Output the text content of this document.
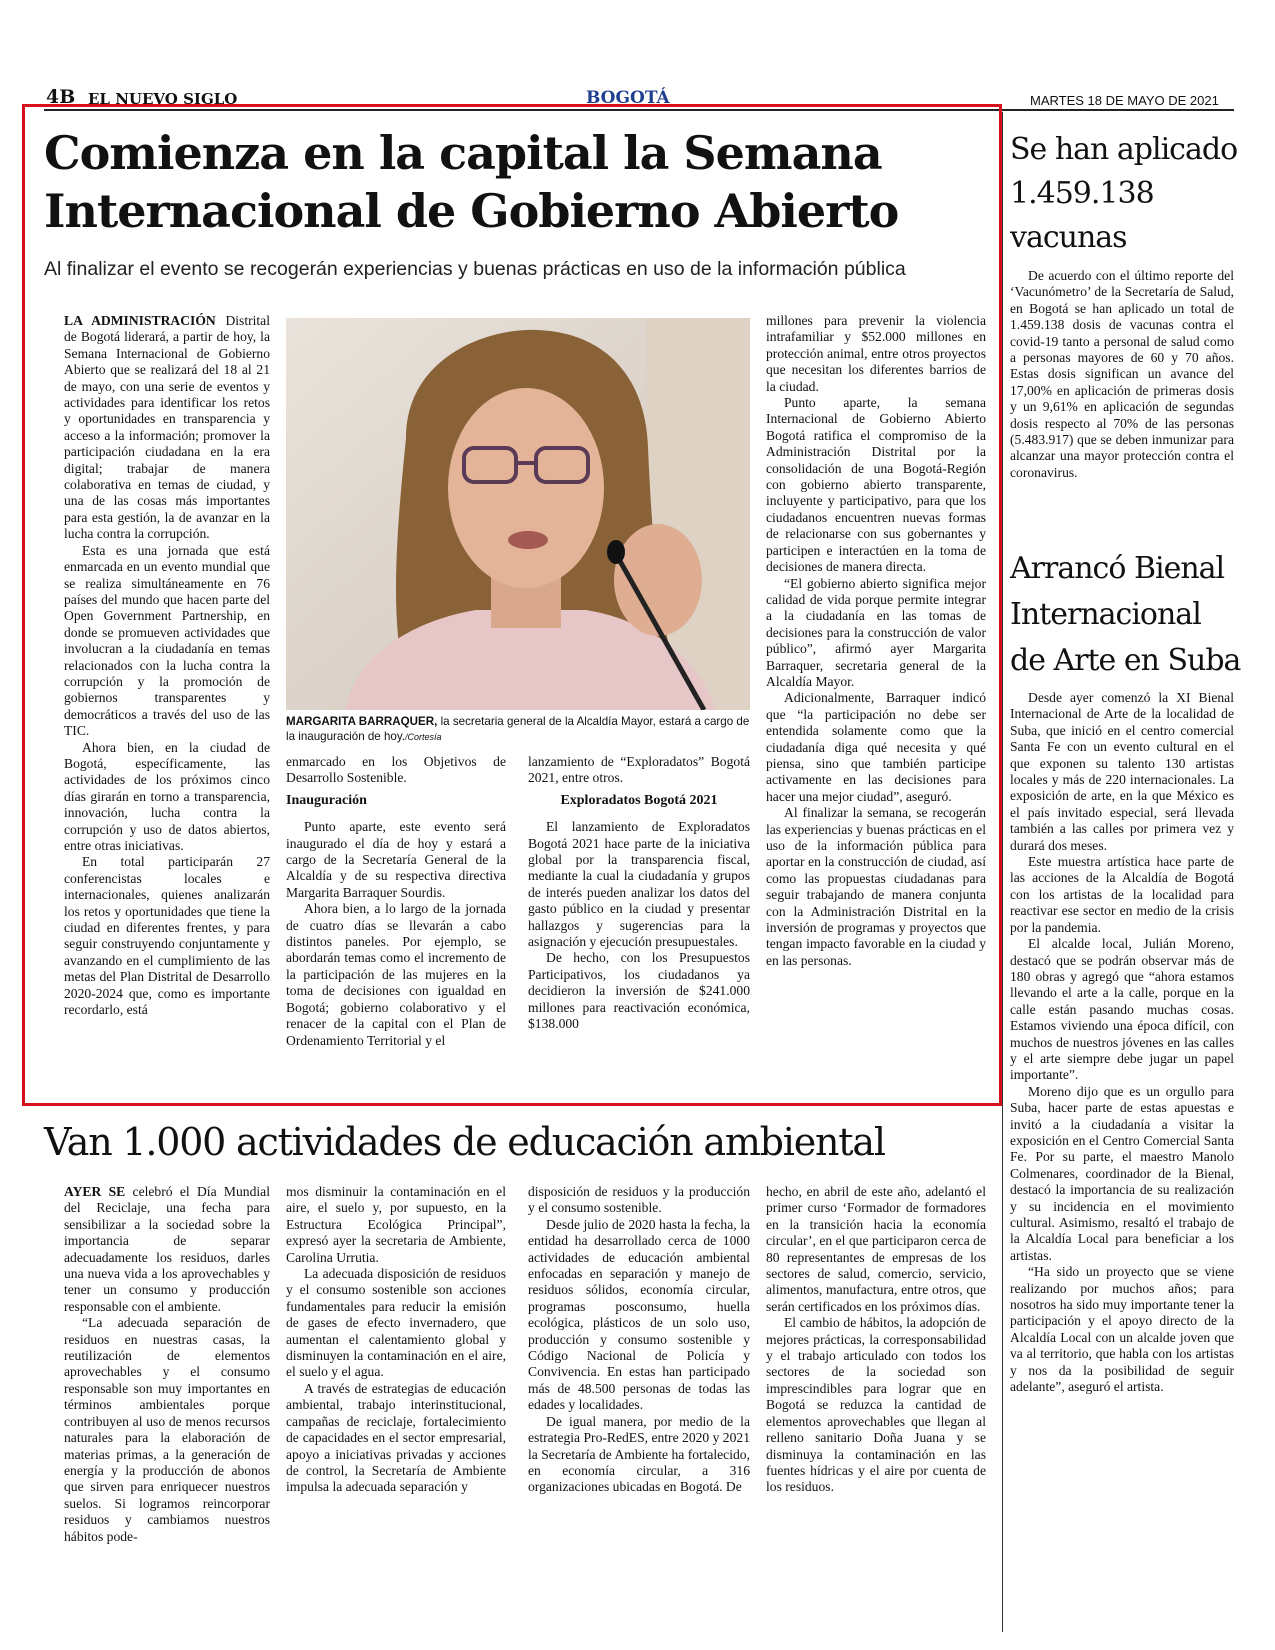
4B EL NUEVO SIGLO	BOGOTÁ	MARTES 18 DE MAYO DE 2021
Comienza en la capital la Semana
Internacional de Gobierno Abierto
Al finalizar el evento se recogerán experiencias y buenas prácticas en uso de la información pública

LA ADMINISTRACIÓN Distrital de Bogotá liderará, a partir de hoy, la Semana Internacional de Gobierno Abierto que se realizará del 18 al 21 de mayo, con una serie de eventos y actividades para identificar los retos y oportunidades en transparencia y acceso a la información; promover la participación ciudadana en la era digital; trabajar de manera colaborativa en temas de ciudad, y una de las cosas más importantes para esta gestión, la de avanzar en la lucha contra la corrupción.

Esta es una jornada que está enmarcada en un evento mundial que se realiza simultáneamente en 76 países del mundo que hacen parte del Open Government Partnership, en donde se promueven actividades que involucran a la ciudadanía en temas relacionados con la lucha contra la corrupción y la promoción de gobiernos transparentes y democráticos a través del uso de las TIC.

Ahora bien, en la ciudad de Bogotá, específicamente, las actividades de los próximos cinco días girarán en torno a transparencia, innovación, lucha contra la corrupción y uso de datos abiertos, entre otras iniciativas.

En total participarán 27 conferencistas locales e internacionales, quienes analizarán los retos y oportunidades que tiene la ciudad en diferentes frentes, y para seguir construyendo conjuntamente y avanzando en el cumplimiento de las metas del Plan Distrital de Desarrollo 2020-2024 que, como es importante recordarlo, está

MARGARITA BARRAQUER, la secretaria general de la Alcaldía Mayor, estará a cargo de la inauguración de hoy./Cortesía

enmarcado en los Objetivos de Desarrollo Sostenible.

Inauguración

Punto aparte, este evento será inaugurado el día de hoy y estará a cargo de la Secretaría General de la Alcaldía y de su respectiva directiva Margarita Barraquer Sourdis.

Ahora bien, a lo largo de la jornada de cuatro días se llevarán a cabo distintos paneles. Por ejemplo, se abordarán temas como el incremento de la participación de las mujeres en la toma de decisiones con igualdad en Bogotá; gobierno colaborativo y el renacer de la capital con el Plan de Ordenamiento Territorial y el

lanzamiento de “Exploradatos” Bogotá 2021, entre otros.

Exploradatos Bogotá 2021

El lanzamiento de Exploradatos Bogotá 2021 hace parte de la iniciativa global por la transparencia fiscal, mediante la cual la ciudadanía y grupos de interés pueden analizar los datos del gasto público en la ciudad y presentar hallazgos y sugerencias para la asignación y ejecución presupuestales.

De hecho, con los Presupuestos Participativos, los ciudadanos ya decidieron la inversión de $241.000 millones para reactivación económica, $138.000

millones para prevenir la violencia intrafamiliar y $52.000 millones en protección animal, entre otros proyectos que necesitan los diferentes barrios de la ciudad.

Punto aparte, la semana Internacional de Gobierno Abierto Bogotá ratifica el compromiso de la Administración Distrital por la consolidación de una Bogotá-Región con gobierno abierto transparente, incluyente y participativo, para que los ciudadanos encuentren nuevas formas de relacionarse con sus gobernantes y participen e interactúen en la toma de decisiones de manera directa.

“El gobierno abierto significa mejor calidad de vida porque permite integrar a la ciudadanía en las tomas de decisiones para la construcción de valor público”, afirmó ayer Margarita Barraquer, secretaria general de la Alcaldía Mayor.

Adicionalmente, Barraquer indicó que “la participación no debe ser entendida solamente como que la ciudadanía diga qué necesita y qué piensa, sino que también participe activamente en las decisiones para hacer una mejor ciudad”, aseguró.

Al finalizar la semana, se recogerán las experiencias y buenas prácticas en el uso de la información pública para aportar en la construcción de ciudad, así como las propuestas ciudadanas para seguir trabajando de manera conjunta con la Administración Distrital en la inversión de programas y proyectos que tengan impacto favorable en la ciudad y en las personas.

Van 1.000 actividades de educación ambiental

AYER SE celebró el Día Mundial del Reciclaje, una fecha para sensibilizar a la sociedad sobre la importancia de separar adecuadamente los residuos, darles una nueva vida a los aprovechables y tener un consumo y producción responsable con el ambiente.

“La adecuada separación de residuos en nuestras casas, la reutilización de elementos aprovechables y el consumo responsable son muy importantes en términos ambientales porque contribuyen al uso de menos recursos naturales para la elaboración de materias primas, a la generación de energía y la producción de abonos que sirven para enriquecer nuestros suelos. Si logramos reincorporar residuos y cambiamos nuestros hábitos pode-

mos disminuir la contaminación en el aire, el suelo y, por supuesto, en la Estructura Ecológica Principal”, expresó ayer la secretaria de Ambiente, Carolina Urrutia.

La adecuada disposición de residuos y el consumo sostenible son acciones fundamentales para reducir la emisión de gases de efecto invernadero, que aumentan el calentamiento global y disminuyen la contaminación en el aire, el suelo y el agua.

A través de estrategias de educación ambiental, trabajo interinstitucional, campañas de reciclaje, fortalecimiento de capacidades en el sector empresarial, apoyo a iniciativas privadas y acciones de control, la Secretaría de Ambiente impulsa la adecuada separación y

disposición de residuos y la producción y el consumo sostenible.

Desde julio de 2020 hasta la fecha, la entidad ha desarrollado cerca de 1000 actividades de educación ambiental enfocadas en separación y manejo de residuos sólidos, economía circular, programas posconsumo, huella ecológica, plásticos de un solo uso, producción y consumo sostenible y Código Nacional de Policía y Convivencia. En estas han participado más de 48.500 personas de todas las edades y localidades.

De igual manera, por medio de la estrategia Pro-RedES, entre 2020 y 2021 la Secretaría de Ambiente ha fortalecido, en economía circular, a 316 organizaciones ubicadas en Bogotá. De

hecho, en abril de este año, adelantó el primer curso ‘Formador de formadores en la transición hacia la economía circular’, en el que participaron cerca de 80 representantes de empresas de los sectores de salud, comercio, servicio, alimentos, manufactura, entre otros, que serán certificados en los próximos días.

El cambio de hábitos, la adopción de mejores prácticas, la corresponsabilidad y el trabajo articulado con todos los sectores de la sociedad son imprescindibles para lograr que en Bogotá se reduzca la cantidad de elementos aprovechables que llegan al relleno sanitario Doña Juana y se disminuya la contaminación en las fuentes hídricas y el aire por cuenta de los residuos.

Se han aplicado
1.459.138
vacunas

De acuerdo con el último reporte del ‘Vacunómetro’ de la Secretaría de Salud, en Bogotá se han aplicado un total de 1.459.138 dosis de vacunas contra el covid-19 tanto a personal de salud como a personas mayores de 60 y 70 años. Estas dosis significan un avance del 17,00% en aplicación de primeras dosis y un 9,61% en aplicación de segundas dosis respecto al 70% de las personas (5.483.917) que se deben inmunizar para alcanzar una mayor protección contra el coronavirus.

Arrancó Bienal
Internacional
de Arte en Suba

Desde ayer comenzó la XI Bienal Internacional de Arte de la localidad de Suba, que inició en el centro comercial Santa Fe con un evento cultural en el que exponen su talento 130 artistas locales y más de 220 internacionales. La exposición de arte, en la que México es el país invitado especial, será llevada también a las calles por primera vez y durará dos meses.

Este muestra artística hace parte de las acciones de la Alcaldía de Bogotá con los artistas de la localidad para reactivar ese sector en medio de la crisis por la pandemia.

El alcalde local, Julián Moreno, destacó que se podrán observar más de 180 obras y agregó que “ahora estamos llevando el arte a la calle, porque en la calle están pasando muchas cosas. Estamos viviendo una época difícil, con muchos de nuestros jóvenes en las calles y el arte siempre debe jugar un papel importante”.

Moreno dijo que es un orgullo para Suba, hacer parte de estas apuestas e invitó a la ciudadanía a visitar la exposición en el Centro Comercial Santa Fe. Por su parte, el maestro Manolo Colmenares, coordinador de la Bienal, destacó la importancia de su realización y su incidencia en el movimiento cultural. Asimismo, resaltó el trabajo de la Alcaldía Local para beneficiar a los artistas.

“Ha sido un proyecto que se viene realizando por muchos años; para nosotros ha sido muy importante tener la participación y el apoyo directo de la Alcaldía Local con un alcalde joven que va al territorio, que habla con los artistas y nos da la posibilidad de seguir adelante”, aseguró el artista.
